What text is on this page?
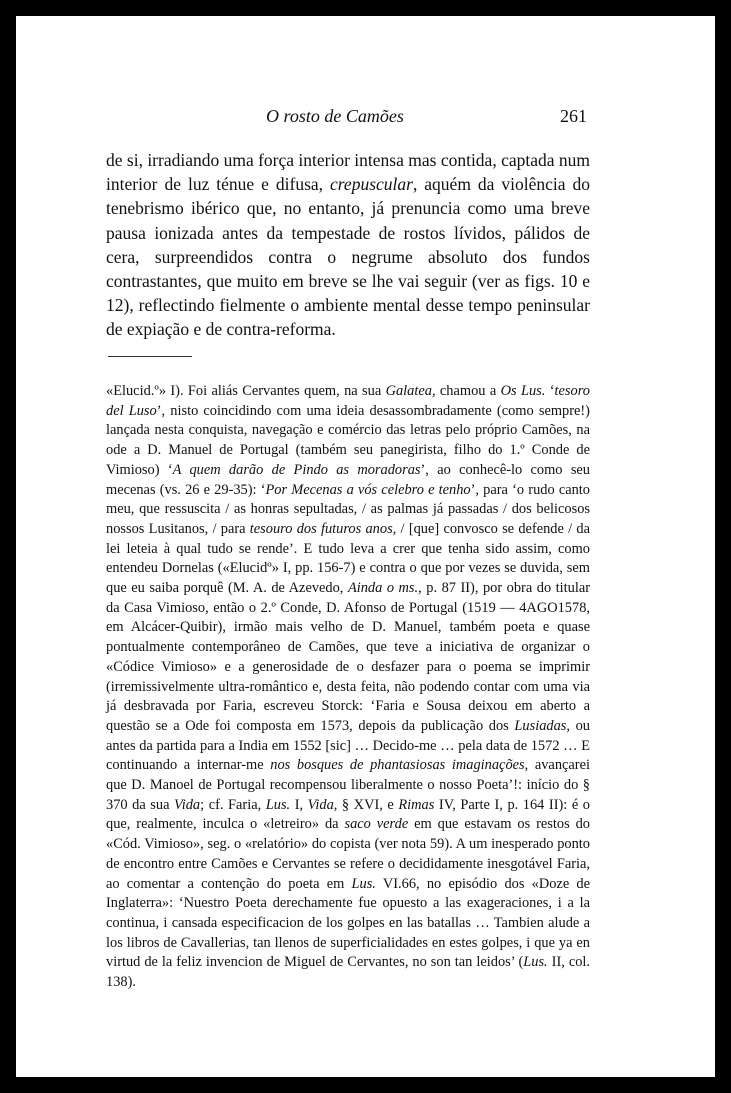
O rosto de Camões	261

de si, irradiando uma força interior intensa mas contida, captada num interior de luz ténue e difusa, crepuscular, aquém da violência do tenebrismo ibérico que, no entanto, já prenuncia como uma breve pausa ionizada antes da tempestade de rostos lívidos, pálidos de cera, surpreendidos contra o negrume absoluto dos fundos contrastantes, que muito em breve se lhe vai seguir (ver as figs. 10 e 12), reflectindo fielmente o ambiente mental desse tempo peninsular de expiação e de contra-reforma.

«Elucid.º» I). Foi aliás Cervantes quem, na sua Galatea, chamou a Os Lus. ‘tesoro del Luso’, nisto coincidindo com uma ideia desassombradamente (como sempre!) lançada nesta conquista, navegação e comércio das letras pelo próprio Camões, na ode a D. Manuel de Portugal (também seu panegirista, filho do 1.º Conde de Vimioso) ‘A quem darão de Pindo as moradoras’, ao conhecê-lo como seu mecenas (vs. 26 e 29-35): ‘Por Mecenas a vós celebro e tenho’, para ‘o rudo canto meu, que ressuscita / as honras sepultadas, / as palmas já passadas / dos belicosos nossos Lusitanos, / para tesouro dos futuros anos, / [que] convosco se defende / da lei leteia à qual tudo se rende’. E tudo leva a crer que tenha sido assim, como entendeu Dornelas («Elucidº» I, pp. 156-7) e contra o que por vezes se duvida, sem que eu saiba porquê (M. A. de Azevedo, Ainda o ms., p. 87 II), por obra do titular da Casa Vimioso, então o 2.º Conde, D. Afonso de Portugal (1519 — 4AGO1578, em Alcácer-Quibir), irmão mais velho de D. Manuel, também poeta e quase pontualmente contemporâneo de Camões, que teve a iniciativa de organizar o «Códice Vimioso» e a generosidade de o desfazer para o poema se imprimir (irremissivelmente ultra-romântico e, desta feita, não podendo contar com uma via já desbravada por Faria, escreveu Storck: ‘Faria e Sousa deixou em aberto a questão se a Ode foi composta em 1573, depois da publicação dos Lusiadas, ou antes da partida para a India em 1552 [sic] … Decido-me … pela data de 1572 … E continuando a internar-me nos bosques de phantasiosas imaginações, avançarei que D. Manoel de Portugal recompensou liberalmente o nosso Poeta’!: início do § 370 da sua Vida; cf. Faria, Lus. I, Vida, § XVI, e Rimas IV, Parte I, p. 164 II): é o que, realmente, inculca o «letreiro» da saco verde em que estavam os restos do «Cód. Vimioso», seg. o «relatório» do copista (ver nota 59). A um inesperado ponto de encontro entre Camões e Cervantes se refere o decididamente inesgotável Faria, ao comentar a contenção do poeta em Lus. VI.66, no episódio dos «Doze de Inglaterra»: ‘Nuestro Poeta derechamente fue opuesto a las exageraciones, i a la continua, i cansada especificacion de los golpes en las batallas … Tambien alude a los libros de Cavallerias, tan llenos de superficialidades en estes golpes, i que ya en virtud de la feliz invencion de Miguel de Cervantes, no son tan leidos’ (Lus. II, col. 138).
